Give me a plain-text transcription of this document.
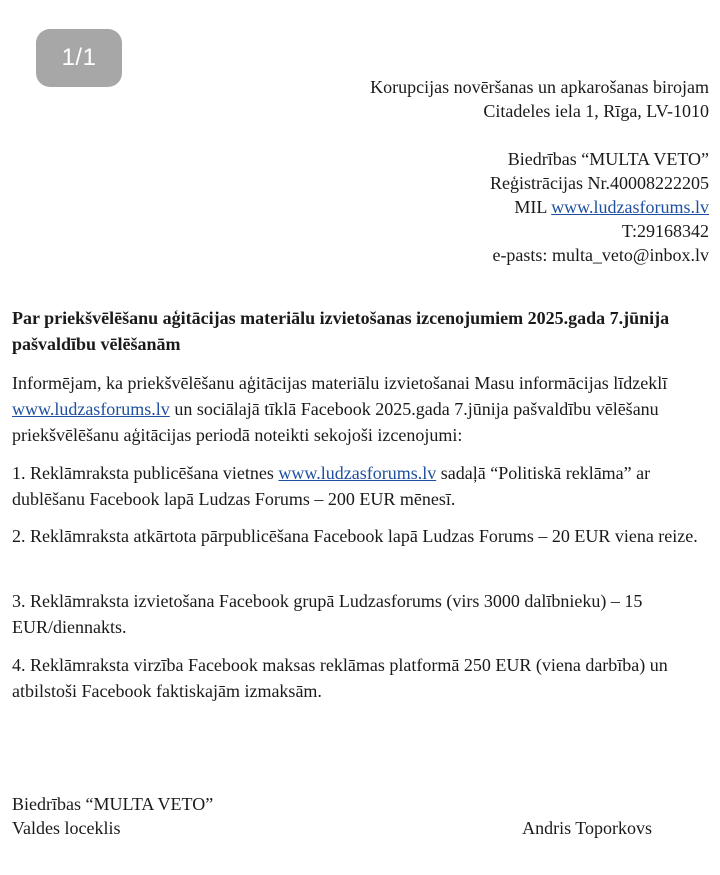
1/1
Korupcijas novēršanas un apkarošanas birojam
Citadeles iela 1, Rīga, LV-1010
Biedrības “MULTA VETO”
Reģistrācijas Nr.40008222205
MIL www.ludzasforums.lv
T:29168342
e-pasts: multa_veto@inbox.lv
Par priekšvēlēšanu aģitācijas materiālu izvietošanas izcenojumiem 2025.gada 7.jūnija pašvaldību vēlēšanām
Informējam, ka priekšvēlēšanu aģitācijas materiālu izvietošanai Masu informācijas līdzeklī www.ludzasforums.lv un sociālajā tīklā Facebook 2025.gada 7.jūnija pašvaldību vēlēšanu priekšvēlēšanu aģitācijas periodā noteikti sekojoši izcenojumi:
1. Reklāmraksta publicēšana vietnes www.ludzasforums.lv sadaļā “Politiskā reklāma” ar dublēšanu Facebook lapā Ludzas Forums – 200 EUR mēnesī.
2. Reklāmraksta atkārtota pārpublicēšana Facebook lapā Ludzas Forums – 20 EUR viena reize.
3. Reklāmraksta izvietošana Facebook grupā Ludzasforums (virs 3000 dalībnieku) – 15 EUR/diennakts.
4. Reklāmraksta virzība Facebook maksas reklāmas platformā 250 EUR (viena darbība) un atbilstoši Facebook faktiskajām izmaksām.
Biedrības “MULTA VETO”
Valdes loceklis	Andris Toporkovs
